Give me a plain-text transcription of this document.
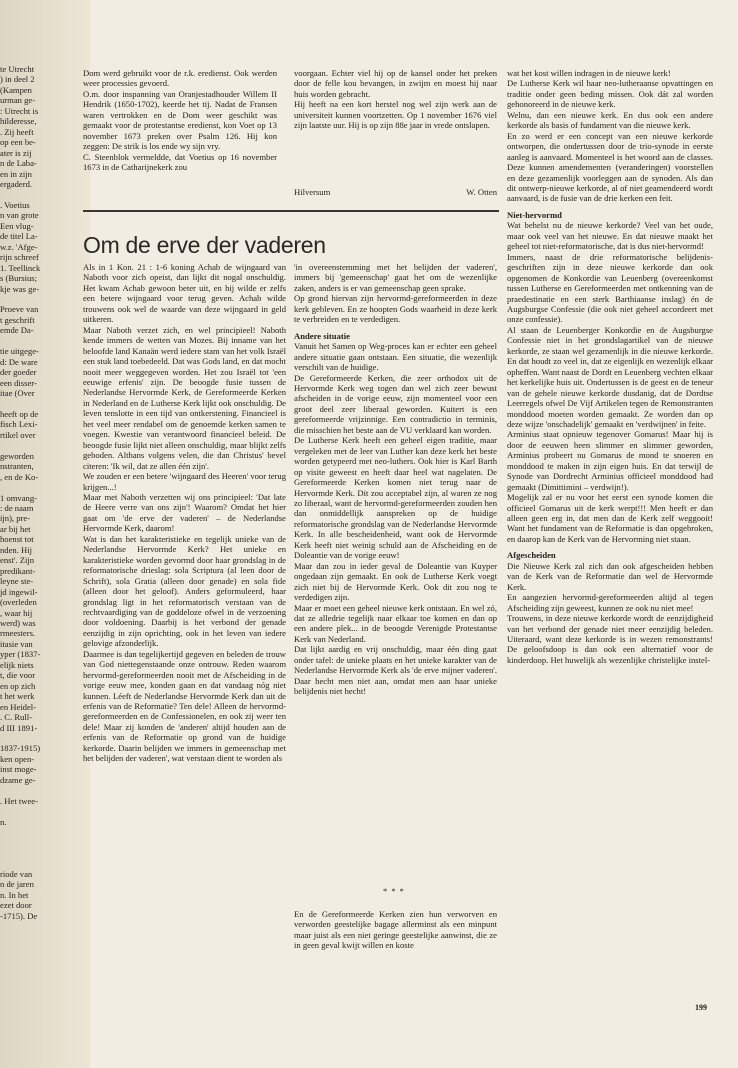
te Utrecht
) in deel 2
(Kampen
urman ge-
: Utrecht is
hilderesse,
. Zij heeft
op een be-
ater is zij
n de Laba-
en in zijn
ergaderd.

. Voetius
n van grote
Een vlug-
de titel La-
w.z. 'Afge-
rijn schreef
1. Teellinck
s (Bursius;
kje was ge-

Proeve van
t geschrift
emde Da-

tie uitgege-
d: De ware
der goeder
een disser-
itae (Over

heeft op de
fisch Lexi-
rtikel over

geworden
nstranten,
, en de Ko-

1 omvang-
: de naam
ijn), pre-
ar bij het
hoenst tot
nden. Hij
enst'. Zijn
predikant-
leyne ste-
jd ingewil-
(overleden
, waar hij
werd) was
rmeesters.
itasie van
yper (1837-
elijk niets
t, die voor
en op zich
t het werk
en Heidel-
. C. Rull-
d III 1891-

1837-1915)
ken open-
inst moge-
dzame ge-

. Het twee-

n.

riode van
n de jaren
n. In het
ezet door
-1715). De

Dom werd gebruikt voor de r.k. eredienst. Ook werden weer processies gevoerd.
O.m. door inspanning van Oranjestadhouder Willem II Hendrik (1650-1702), keerde het tij. Nadat de Fransen waren vertrokken en de Dom weer geschikt was gemaakt voor de protestantse eredienst, kon Voet op 13 november 1673 preken over Psalm 126. Hij kon zeggen: De strik is los ende wy sijn vry.
C. Steenblok vermeldde, dat Voetius op 16 november 1673 in de Catharijnekerk zou

voorgaan. Echter viel hij op de kansel onder het preken door de felle kou bevangen, in zwijm en moest hij naar huis worden gebracht.
Hij heeft na een kort herstel nog wel zijn werk aan de universiteit kunnen voortzetten. Op 1 november 1676 viel zijn laatste uur. Hij is op zijn 88e jaar in vrede ontslapen.

Hilversum	W. Otten
Om de erve der vaderen

Als in 1 Kon. 21 : 1-6 koning Achab de wijngaard van Naboth voor zich opeist, dan lijkt dit nogal onschuldig. Het kwam Achab gewoon beter uit, en hij wilde er zelfs een betere wijngaard voor terug geven. Achab wilde trouwens ook wel de waarde van deze wijngaard in geld uitkeren.
Maar Naboth verzet zich, en wel principieel! Naboth kende immers de wetten van Mozes. Bij inname van het beloofde land Kanaän werd iedere stam van het volk Israël een stuk land toebedeeld. Dat was Gods land, en dat mocht nooit meer weggegeven worden. Het zou Israël tot 'een eeuwige erfenis' zijn. De beoogde fusie tussen de Nederlandse Hervormde Kerk, de Gereformeerde Kerken in Nederland en de Lutherse Kerk lijkt ook onschuldig. De leven tenslotte in een tijd van ontkerstening. Financieel is het veel meer rendabel om de genoemde kerken samen te voegen. Kwestie van verantwoord financieel beleid. De beoogde fusie lijkt niet alleen onschuldig, maar blijkt zelfs geboden. Althans volgens velen, die dan Christus' bevel citeren: 'Ik wil, dat ze allen één zijn'.
We zouden er een betere 'wijngaard des Heeren' voor terug krijgen...!
Maar met Naboth verzetten wij ons principieel: 'Dat late de Heere verre van ons zijn'! Waarom? Omdat het hier gaat om 'de erve der vaderen' – de Nederlandse Hervormde Kerk, daarom!
Wat is dan het karakteristieke en tegelijk unieke van de Nederlandse Hervormde Kerk? Het unieke en karakteristieke worden gevormd door haar grondslag in de reformatorische drieslag: sola Scriptura (al leen door de Schrift), sola Gratia (alleen door genade) en sola fide (alleen door het geloof). Anders geformuleerd, haar grondslag ligt in het reformatorisch verstaan van de rechtvaardiging van de goddeloze ofwel in de verzoening door voldoening. Daarbij is het verbond der genade eenzijdig in zijn oprichting, ook in het leven van iedere gelovige afzonderlijk.
Daarmee is dan tegelijkertijd gegeven en beleden de trouw van God niettegenstaande onze ontrouw. Reden waarom hervormd-gereformeerden nooit met de Afscheiding in de vorige eeuw mee, konden gaan en dat vandaag nóg niet kunnen. Léeft de Nederlandse Hervormde Kerk dan uit de erfenis van de Reformatie? Ten dele! Alleen de hervormd-gereformeerden en de Confessionelen, en ook zij weer ten dele! Maar zij konden de 'anderen' altijd houden aan de erfenis van de Reformatie op grond van de huidige kerkorde. Daarin belijden we immers in gemeenschap met het belijden der vaderen', wat verstaan dient te worden als

'in overeenstemming met het belijden der vaderen', immers bij 'gemeenschap' gaat het om de wezenlijke zaken, anders is er van gemeenschap geen sprake.
Op grond hiervan zijn hervormd-gereformeerden in deze kerk gebleven. En ze hoopten Gods waarheid in deze kerk te verbreiden en te verdedigen.

Andere situatie

Vanuit het Samen op Weg-proces kan er echter een geheel andere situatie gaan ontstaan. Een situatie, die wezenlijk verschilt van de huidige.
De Gereformeerde Kerken, die zeer orthodox uit de Hervormde Kerk weg togen dan wel zich zeer bewust afscheiden in de vorige eeuw, zijn momenteel voor een groot deel zeer liberaal geworden. Kuitert is een gereformeerde vrijzinnige. Een contradictio in terminis, die misschien het beste aan de VU verklaard kan worden.
De Lutherse Kerk heeft een geheel eigen traditie, maar vergeleken met de leer van Luther kan deze kerk het beste worden getypeerd met neo-luthers. Ook hier is Karl Barth op visite geweest en heeft daar heel wat nagelaten. De Gereformeerde Kerken komen niet terug naar de Hervormde Kerk. Dit zou acceptabel zijn, al waren ze nog zo liberaal, want de hervormd-gereformeerden zouden hen dan onmiddellijk aanspreken op de huidige reformatorische grondslag van de Nederlandse Hervormde Kerk. In alle bescheidenheid, want ook de Hervormde Kerk heeft niet weinig schuld aan de Afscheiding en de Doleantie van de vorige eeuw!
Maar dan zou in ieder geval de Doleantie van Kuyper ongedaan zijn gemaakt. En ook de Lutherse Kerk voegt zich niet bij de Hervormde Kerk. Ook dit zou nog te verdedigen zijn.
Maar er moet een geheel nieuwe kerk ontstaan. En wel zó, dat ze alledrie tegelijk naar elkaar toe komen en dan op een andere plek... in de beoogde Verenigde Protestantse Kerk van Nederland.
Dat lijkt aardig en vrij onschuldig, maar één ding gaat onder tafel: de unieke plaats en het unieke karakter van de Nederlandse Hervormde Kerk als 'de erve mijner vaderen'. Daar hecht men niet aan, omdat men aan haar unieke belijdenis niet hecht!

***

En de Gereformeerde Kerken zien hun verworven en verworden geestelijke bagage allerminst als een minpunt maar juist als een niet geringe geestelijke aanwinst, die ze in geen geval kwijt willen en koste

wat het kost willen indragen in de nieuwe kerk!
De Lutherse Kerk wil haar neo-lutheraanse opvattingen en traditie onder geen beding missen. Ook dát zal worden gehonoreerd in de nieuwe kerk.
Welnu, dan een nieuwe kerk. En dus ook een andere kerkorde als basis of fundament van die nieuwe kerk.
En zo werd er een concept van een nieuwe kerkorde ontworpen, die ondertussen door de trio-synode in eerste aanleg is aanvaard. Momenteel is het woord aan de classes. Deze kunnen amendementen (veranderingen) voorstellen en deze gezamenlijk voorleggen aan de synoden. Als dan dit ontwerp-nieuwe kerkorde, al of niet geamendeerd wordt aanvaard, is de fusie van de drie kerken een feit.

Niet-hervormd

Wat behelst nu de nieuwe kerkorde? Veel van het oude, maar ook veel van het nieuwe. En dat nieuwe maakt het geheel tot niet-reformatorische, dat is dus niet-hervormd!
Immers, naast de drie reformatorische belijdenis-geschriften zijn in deze nieuwe kerkorde dan ook opgenomen de Konkordie van Leuenberg (overeenkomst tussen Lutherse en Gereformeerden met ontkenning van de praedestinatie en een sterk Barthiaanse inslag) én de Augsburgse Confessie (die ook niet geheel accordeert met onze confessie).
Al staan de Leuenberger Konkordie en de Augsburgse Confessie niet in het grondslagartikel van de nieuwe kerkorde, ze staan wel gezamenlijk in die nieuwe kerkorde. En dat houdt zo veel in, dat ze eigenlijk en wezenlijk elkaar opheffen. Want naast de Dordt en Leuenberg vechten elkaar het kerkelijke huis uit. Ondertussen is de geest en de teneur van de gehele nieuwe kerkorde dusdanig, dat de Dordtse Leerregels ofwel De Vijf Artikelen tegen de Remonstranten monddood moeten worden gemaakt. Ze worden dan op deze wijze 'onschadelijk' gemaakt en 'verdwijnen' in feite.
Arminius staat opnieuw tegenover Gomarus! Maar hij is door de eeuwen heen slimmer en slimmer geworden, Arminius probeert nu Gomarus de mond te snoeren en monddood te maken in zijn eigen huis. En dat terwijl de Synode van Dordrecht Arminius officieel monddood had gemaakt (Dimittimini – verdwijn!).
Mogelijk zal er nu voor het eerst een synode komen die officieel Gomarus uit de kerk werpt!!! Men heeft er dan alleen geen erg in, dat men dan de Kerk zelf weggooit! Want het fundament van de Reformatie is dan opgebroken, en daarop kan de Kerk van de Hervorming niet staan.

Afgescheiden

Die Nieuwe Kerk zal zich dan ook afgescheiden hebben van de Kerk van de Reformatie dan wel de Hervormde Kerk.
En aangezien hervormd-gereformeerden altijd al tegen Afscheiding zijn geweest, kunnen ze ook nu niet mee!
Trouwens, in deze nieuwe kerkorde wordt de eenzijdigheid van het verbond der genade niet meer eenzijdig beleden. Uiteraard, want deze kerkorde is in wezen remonstrants! De geloofsdoop is dan ook een alternatief voor de kinderdoop. Het huwelijk als wezenlijke christelijke instel-

199
